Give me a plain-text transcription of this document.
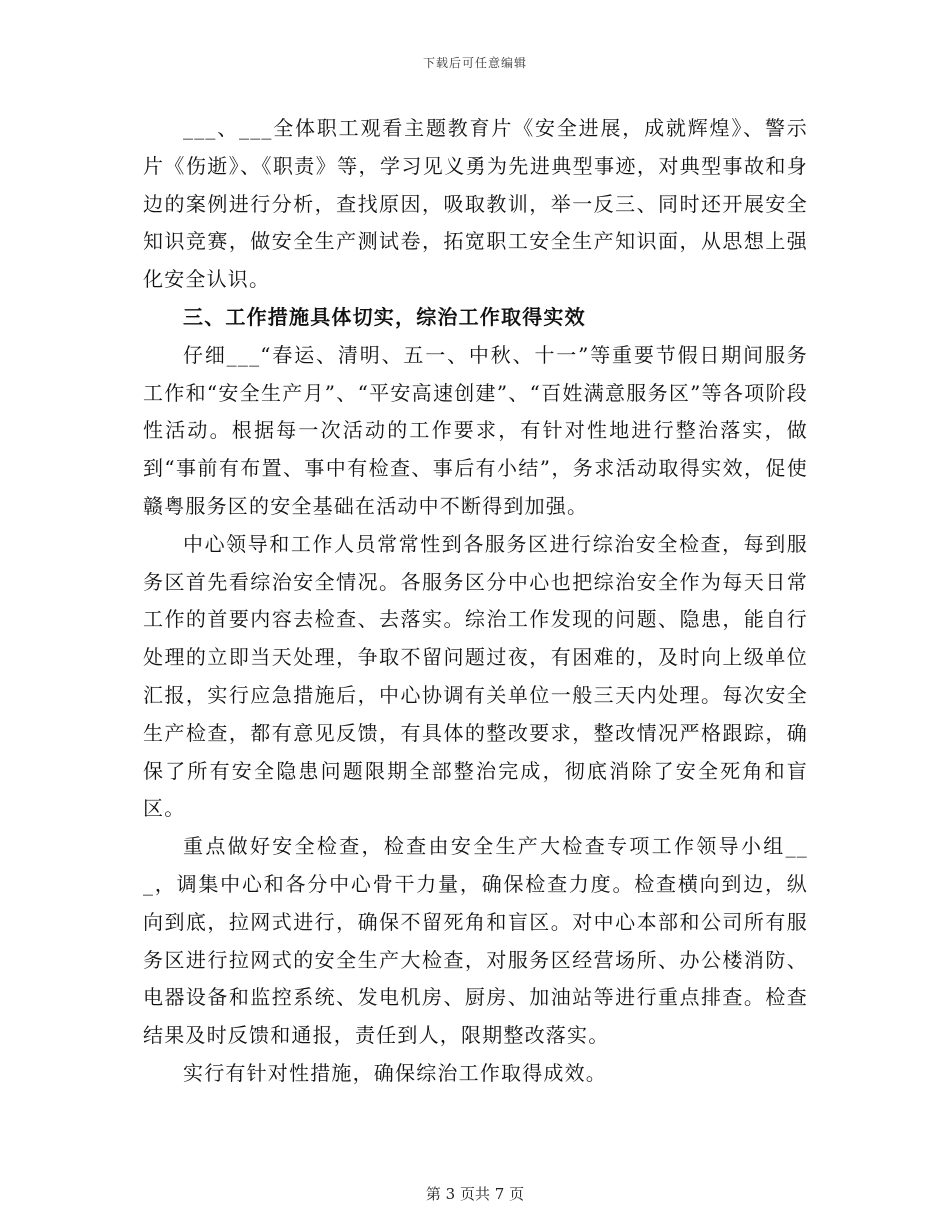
下载后可任意编辑

___、___全体职工观看主题教育片《安全进展，成就辉煌》、警示片《伤逝》、《职责》等，学习见义勇为先进典型事迹，对典型事故和身边的案例进行分析，查找原因，吸取教训，举一反三、同时还开展安全知识竞赛，做安全生产测试卷，拓宽职工安全生产知识面，从思想上强化安全认识。

三、工作措施具体切实，综治工作取得实效

仔细___“春运、清明、五一、中秋、十一”等重要节假日期间服务工作和“安全生产月”、“平安高速创建”、“百姓满意服务区”等各项阶段性活动。根据每一次活动的工作要求，有针对性地进行整治落实，做到“事前有布置、事中有检查、事后有小结”，务求活动取得实效，促使赣粤服务区的安全基础在活动中不断得到加强。

中心领导和工作人员常常性到各服务区进行综治安全检查，每到服务区首先看综治安全情况。各服务区分中心也把综治安全作为每天日常工作的首要内容去检查、去落实。综治工作发现的问题、隐患，能自行处理的立即当天处理，争取不留问题过夜，有困难的，及时向上级单位汇报，实行应急措施后，中心协调有关单位一般三天内处理。每次安全生产检查，都有意见反馈，有具体的整改要求，整改情况严格跟踪，确保了所有安全隐患问题限期全部整治完成，彻底消除了安全死角和盲区。

重点做好安全检查，检查由安全生产大检查专项工作领导小组___，调集中心和各分中心骨干力量，确保检查力度。检查横向到边，纵向到底，拉网式进行，确保不留死角和盲区。对中心本部和公司所有服务区进行拉网式的安全生产大检查，对服务区经营场所、办公楼消防、电器设备和监控系统、发电机房、厨房、加油站等进行重点排查。检查结果及时反馈和通报，责任到人，限期整改落实。

实行有针对性措施，确保综治工作取得成效。

第 3 页共 7 页
